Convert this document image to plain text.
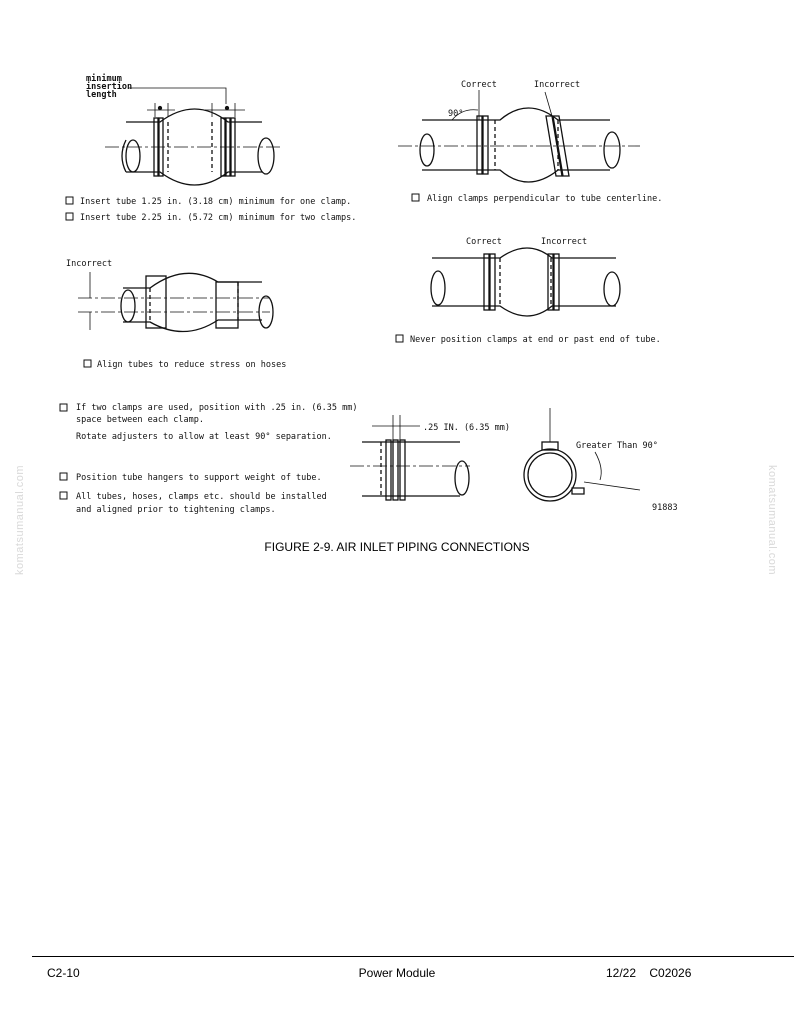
minimum
insertion
length
Insert tube 1.25 in. (3.18 cm) minimum for one clamp.
Insert tube 2.25 in. (5.72 cm) minimum for two clamps.
Correct	Incorrect
90°
Align clamps perpendicular to tube centerline.
Incorrect
Align tubes to reduce stress on hoses
Correct	Incorrect
Never position clamps at end or past end of tube.
If two clamps are used, position with .25 in. (6.35 mm)
space between each clamp.
Rotate adjusters to allow at least 90° separation.
Position tube hangers to support weight of tube.
All tubes, hoses, clamps etc. should be installed
and aligned prior to tightening clamps.
.25 IN. (6.35 mm)
Greater Than 90°
91883
komatsumanual.com	komatsumanual.com
FIGURE 2-9. AIR INLET PIPING CONNECTIONS
C2-10	Power Module	12/22    C02026
